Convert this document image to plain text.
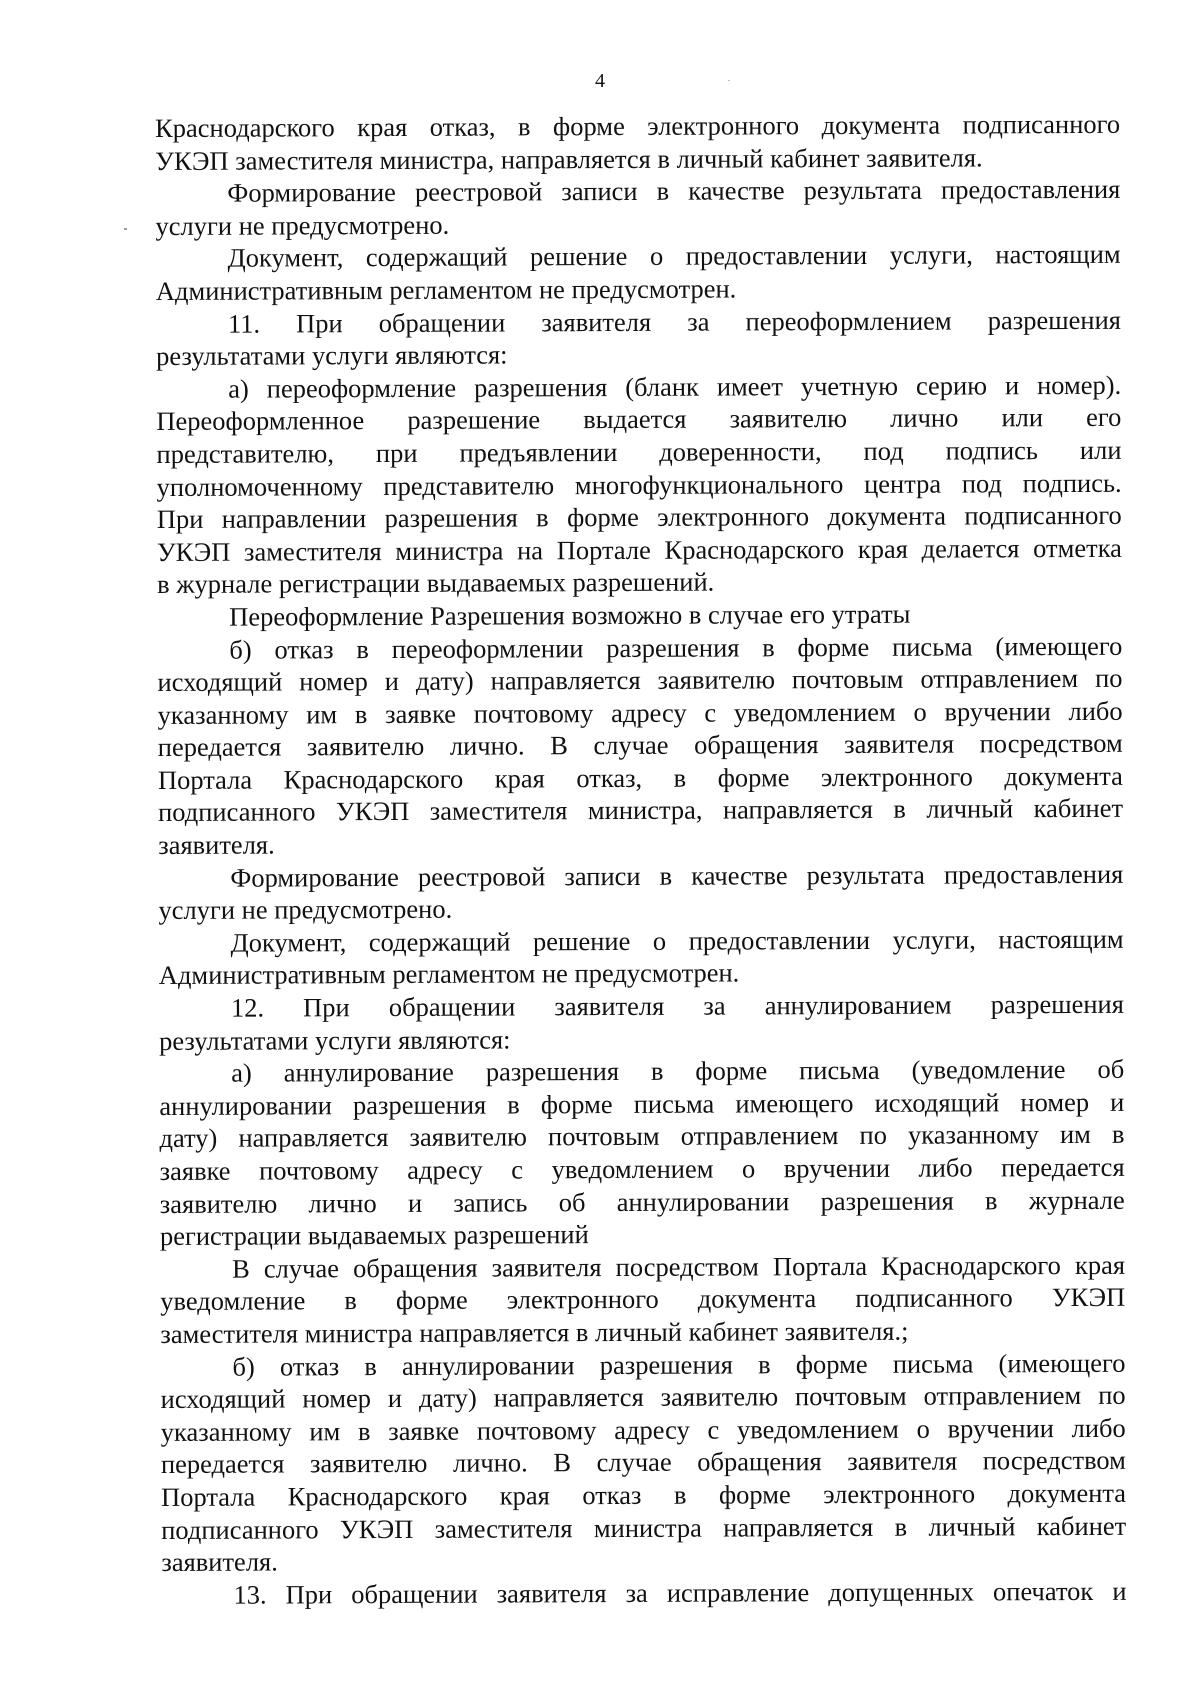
4
Краснодарского края отказ, в форме электронного документа подписанного
УКЭП заместителя министра, направляется в личный кабинет заявителя.
Формирование реестровой записи в качестве результата предоставления
услуги не предусмотрено.
Документ, содержащий решение о предоставлении услуги, настоящим
Административным регламентом не предусмотрен.
11. При обращении заявителя за переоформлением разрешения
результатами услуги являются:
а) переоформление разрешения (бланк имеет учетную серию и номер).
Переоформленное разрешение выдается заявителю лично или его
представителю, при предъявлении доверенности, под подпись или
уполномоченному представителю многофункционального центра под подпись.
При направлении разрешения в форме электронного документа подписанного
УКЭП заместителя министра на Портале Краснодарского края делается отметка
в журнале регистрации выдаваемых разрешений.
Переоформление Разрешения возможно в случае его утраты
б) отказ в переоформлении разрешения в форме письма (имеющего
исходящий номер и дату) направляется заявителю почтовым отправлением по
указанному им в заявке почтовому адресу с уведомлением о вручении либо
передается заявителю лично. В случае обращения заявителя посредством
Портала Краснодарского края отказ, в форме электронного документа
подписанного УКЭП заместителя министра, направляется в личный кабинет
заявителя.
Формирование реестровой записи в качестве результата предоставления
услуги не предусмотрено.
Документ, содержащий решение о предоставлении услуги, настоящим
Административным регламентом не предусмотрен.
12. При обращении заявителя за аннулированием разрешения
результатами услуги являются:
а) аннулирование разрешения в форме письма (уведомление об
аннулировании разрешения в форме письма имеющего исходящий номер и
дату) направляется заявителю почтовым отправлением по указанному им в
заявке почтовому адресу с уведомлением о вручении либо передается
заявителю лично и запись об аннулировании разрешения в журнале
регистрации выдаваемых разрешений
В случае обращения заявителя посредством Портала Краснодарского края
уведомление в форме электронного документа подписанного УКЭП
заместителя министра направляется в личный кабинет заявителя.;
б) отказ в аннулировании разрешения в форме письма (имеющего
исходящий номер и дату) направляется заявителю почтовым отправлением по
указанному им в заявке почтовому адресу с уведомлением о вручении либо
передается заявителю лично. В случае обращения заявителя посредством
Портала Краснодарского края отказ в форме электронного документа
подписанного УКЭП заместителя министра направляется в личный кабинет
заявителя.
13. При обращении заявителя за исправление допущенных опечаток и
